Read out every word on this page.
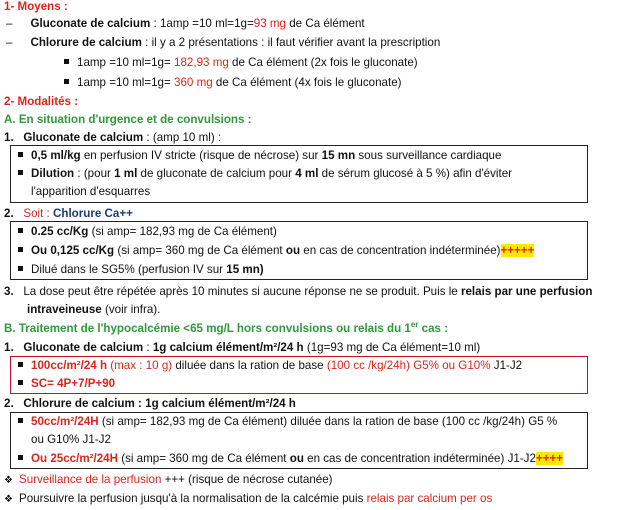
1- Moyens :
– Gluconate de calcium : 1amp =10 ml=1g=93 mg de Ca élément
– Chlorure de calcium : il y a 2 présentations : il faut vérifier avant la prescription
1amp =10 ml=1g= 182,93 mg de Ca élément (2x fois le gluconate)
1amp =10 ml=1g= 360 mg de Ca élément (4x fois le gluconate)
2- Modalités :
A. En situation d'urgence et de convulsions :
1. Gluconate de calcium : (amp 10 ml) :
0,5 ml/kg en perfusion IV stricte (risque de nécrose) sur 15 mn sous surveillance cardiaque
Dilution : (pour 1 ml de gluconate de calcium pour 4 ml de sérum glucosé à 5 %) afin d'éviter
l'apparition d'esquarres
2. Soit : Chlorure Ca++
0.25 cc/Kg (si amp= 182,93 mg de Ca élément)
Ou 0,125 cc/Kg (si amp= 360 mg de Ca élément ou en cas de concentration indéterminée)+++++
Dilué dans le SG5% (perfusion IV sur 15 mn)
3. La dose peut être répétée après 10 minutes si aucune réponse ne se produit. Puis le relais par une perfusion
intraveineuse (voir infra).
B. Traitement de l'hypocalcémie <65 mg/L hors convulsions ou relais du 1er cas :
1. Gluconate de calcium : 1g calcium élément/m²/24 h (1g=93 mg de Ca élément=10 ml)
100cc/m²/24 h (max : 10 g) diluée dans la ration de base (100 cc /kg/24h) G5% ou G10% J1-J2
SC= 4P+7/P+90
2. Chlorure de calcium : 1g calcium élément/m²/24 h
50cc/m²/24H (si amp= 182,93 mg de Ca élément) diluée dans la ration de base (100 cc /kg/24h) G5 %
ou G10% J1-J2
Ou 25cc/m²/24H (si amp= 360 mg de Ca élément ou en cas de concentration indéterminée) J1-J2++++
❖ Surveillance de la perfusion +++ (risque de nécrose cutanée)
❖ Poursuivre la perfusion jusqu'à la normalisation de la calcémie puis relais par calcium per os
